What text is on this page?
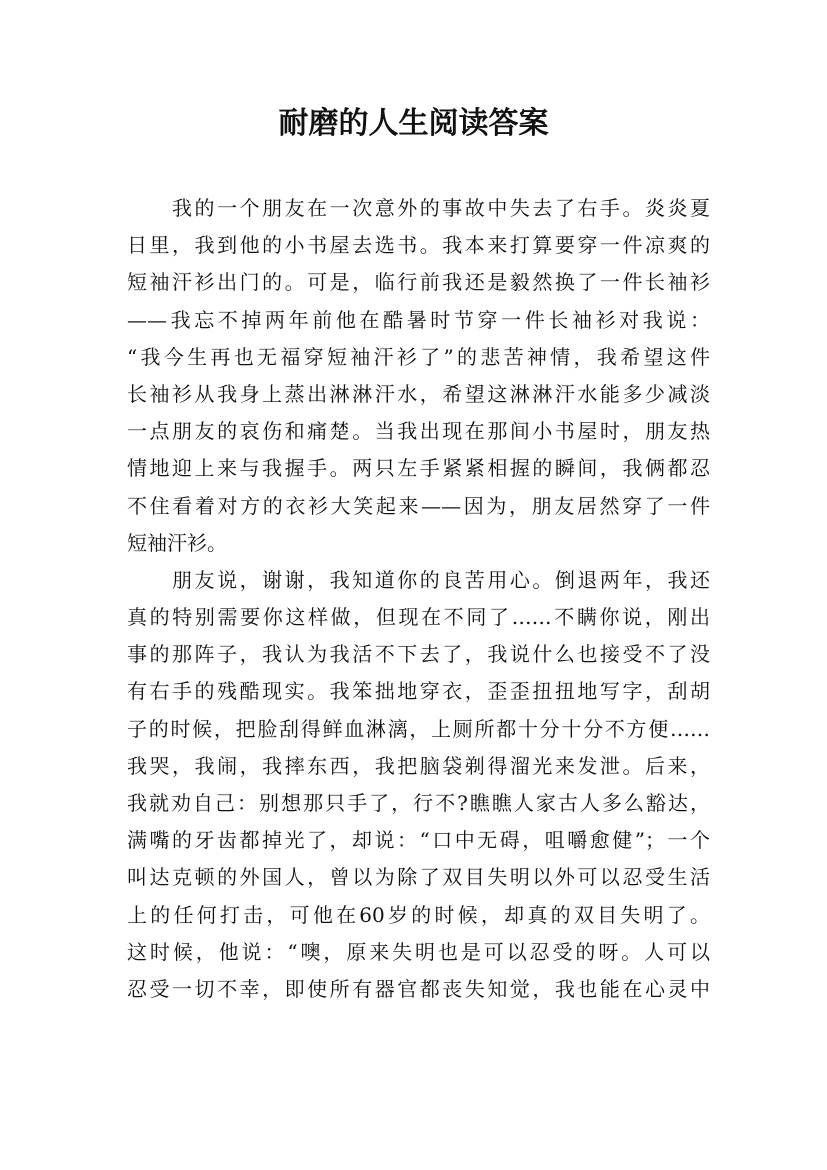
耐磨的人生阅读答案
　　我的一个朋友在一次意外的事故中失去了右手。炎炎夏
日里，我到他的小书屋去选书。我本来打算要穿一件凉爽的
短袖汗衫出门的。可是，临行前我还是毅然换了一件长袖衫
——我忘不掉两年前他在酷暑时节穿一件长袖衫对我说：
“我今生再也无福穿短袖汗衫了”的悲苦神情，我希望这件
长袖衫从我身上蒸出淋淋汗水，希望这淋淋汗水能多少减淡
一点朋友的哀伤和痛楚。当我出现在那间小书屋时，朋友热
情地迎上来与我握手。两只左手紧紧相握的瞬间，我俩都忍
不住看着对方的衣衫大笑起来——因为，朋友居然穿了一件
短袖汗衫。
　　朋友说，谢谢，我知道你的良苦用心。倒退两年，我还
真的特别需要你这样做，但现在不同了……不瞒你说，刚出
事的那阵子，我认为我活不下去了，我说什么也接受不了没
有右手的残酷现实。我笨拙地穿衣，歪歪扭扭地写字，刮胡
子的时候，把脸刮得鲜血淋漓，上厕所都十分十分不方便……
我哭，我闹，我摔东西，我把脑袋剃得溜光来发泄。后来，
我就劝自己：别想那只手了，行不?瞧瞧人家古人多么豁达，
满嘴的牙齿都掉光了，却说：“口中无碍，咀嚼愈健”；一个
叫达克顿的外国人，曾以为除了双目失明以外可以忍受生活
上的任何打击，可他在60岁的时候，却真的双目失明了。
这时候，他说：“噢，原来失明也是可以忍受的呀。人可以
忍受一切不幸，即使所有器官都丧失知觉，我也能在心灵中
